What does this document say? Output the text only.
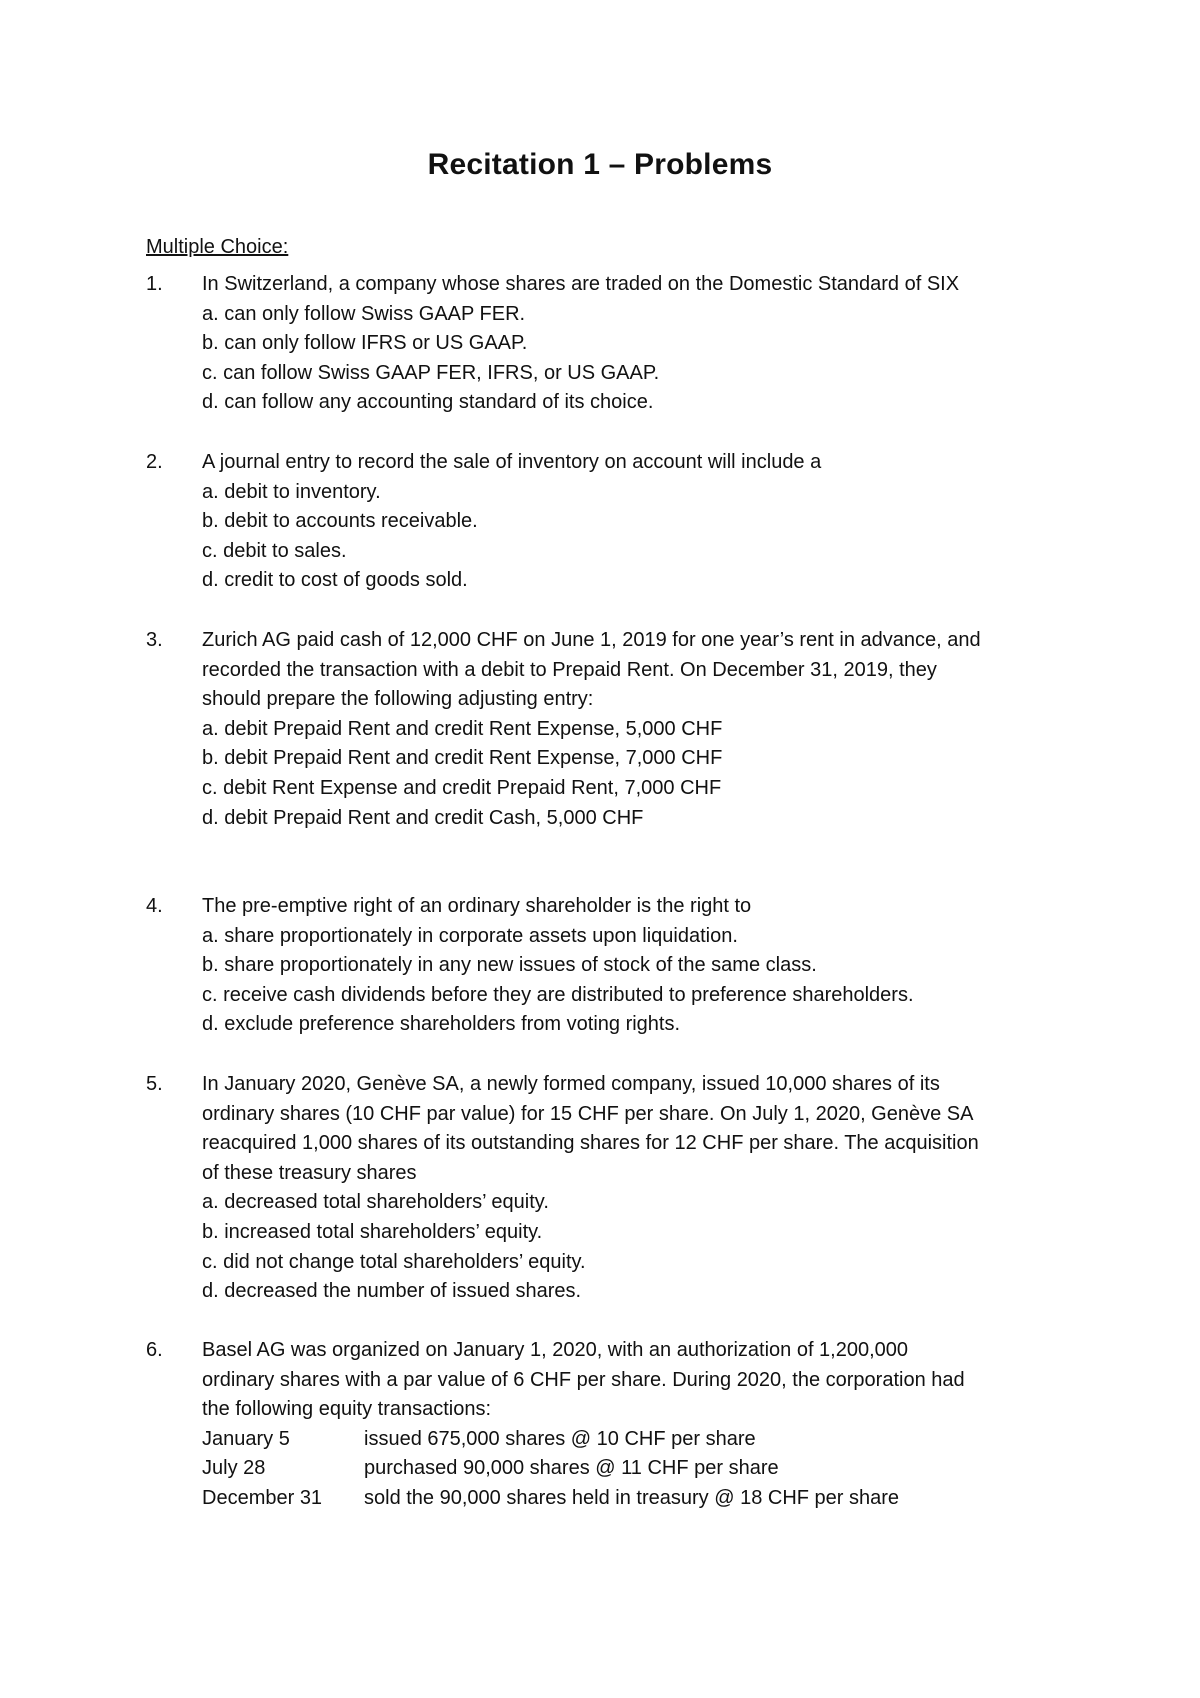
Recitation 1 – Problems
Multiple Choice:
1. In Switzerland, a company whose shares are traded on the Domestic Standard of SIX
a. can only follow Swiss GAAP FER.
b. can only follow IFRS or US GAAP.
c. can follow Swiss GAAP FER, IFRS, or US GAAP.
d. can follow any accounting standard of its choice.
2. A journal entry to record the sale of inventory on account will include a
a. debit to inventory.
b. debit to accounts receivable.
c. debit to sales.
d. credit to cost of goods sold.
3. Zurich AG paid cash of 12,000 CHF on June 1, 2019 for one year’s rent in advance, and
recorded the transaction with a debit to Prepaid Rent. On December 31, 2019, they
should prepare the following adjusting entry:
a. debit Prepaid Rent and credit Rent Expense, 5,000 CHF
b. debit Prepaid Rent and credit Rent Expense, 7,000 CHF
c. debit Rent Expense and credit Prepaid Rent, 7,000 CHF
d. debit Prepaid Rent and credit Cash, 5,000 CHF
4. The pre-emptive right of an ordinary shareholder is the right to
a. share proportionately in corporate assets upon liquidation.
b. share proportionately in any new issues of stock of the same class.
c. receive cash dividends before they are distributed to preference shareholders.
d. exclude preference shareholders from voting rights.
5. In January 2020, Genève SA, a newly formed company, issued 10,000 shares of its
ordinary shares (10 CHF par value) for 15 CHF per share. On July 1, 2020, Genève SA
reacquired 1,000 shares of its outstanding shares for 12 CHF per share. The acquisition
of these treasury shares
a. decreased total shareholders’ equity.
b. increased total shareholders’ equity.
c. did not change total shareholders’ equity.
d. decreased the number of issued shares.
6. Basel AG was organized on January 1, 2020, with an authorization of 1,200,000
ordinary shares with a par value of 6 CHF per share. During 2020, the corporation had
the following equity transactions:
January 5	issued 675,000 shares @ 10 CHF per share
July 28	purchased 90,000 shares @ 11 CHF per share
December 31 sold the 90,000 shares held in treasury @ 18 CHF per share
